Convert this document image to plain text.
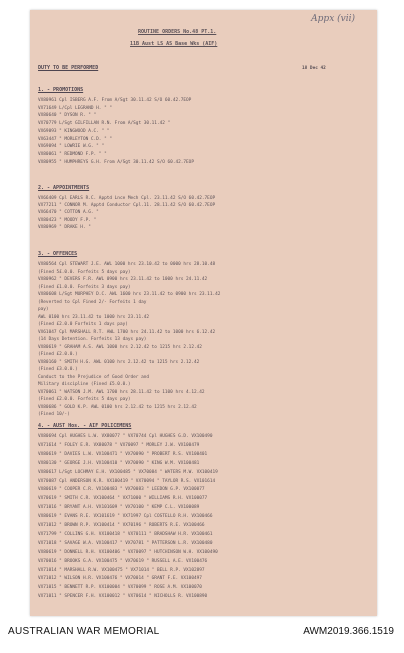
Appx (vii)
ROUTINE ORDERS No.48 PT.1.
11B Aust LS AS Base Wks (AIF)
DUTY TO BE PERFORMED	18 Dec 42
1. - PROMOTIONS
VX80961 Cpl ISBERG A.F. From A/Sgt 30.11.42 S/O 60.42.7EOP
VX71649 L/Cpl LEGRAND H. " "
VX80640 " DYSON R. " "
VX70779 L/Sgt GILFILLAN R.N. From A/Sgt 30.11.42 "
VX69093 " KINGWOOD A.C. " "
VX63447 " MORLEYTON C.D. " "
VX69094 " LOWRIE W.G. " "
VX80061 " REDMOND F.P. " "
VX80955 " HUMPHREYS G.H. From A/Sgt 30.11.42 S/O 60.42.7EOP
2. - APPOINTMENTS
VX66409 Cpl EARLS R.C. Apptd Lnce Mech Cpl. 23.11.42 S/O 60.42.7EOP
VX77211 " CONNOR M. Apptd Conductor Cpl.11. 28.11.42 S/O 60.42.7EOP
VX66470 " COTTON A.G. "
VX80423 " MOODY F.P. "
VX80969 " DRAKE H. "
3. - OFFENCES
VX80564 Cpl STEWART J.E. AWL 1000 hrs 23.10.42 to 0000 hrs 28.10.48
(Fined 5£.0.0. Forfeits 5 days pay)
VX80962 " DEVERS F.R. AWL 0900 hrs 23.11.42 to 1000 hrs 24.11.42
(Fined £1.0.0. Forfeits 3 days pay)
VX80608 L/Sgt MURPHEY D.C. AWL 1600 hrs 23.11.42 to 0900 hrs 23.11.42
(Reverted to Cpl Fined 2/- Forfeits 1 day
pay)
AWL 0100 hrs 23.11.42 to 1000 hrs 23.11.42
(Fined £2.0.0 Forfeits 1 days pay)
VX61047 Cpl MARSHALL R.T. AWL 1700 hrs 24.11.42 to 1000 hrs 6.12.42
(14 Days Detention. Forfeits 13 days pay)
VX80619 " GRAHAM A.S. AWL 1000 hrs 2.12.42 to 1215 hrs 2.12.42
(Fined £2.0.0.)
VX80160 " SMITH H.G. AWL 0100 hrs 2.12.42 to 1215 hrs 2.12.42
(Fined £3.0.0.)
Conduct to the Prejudice of Good Order and
Military discipline (Fined £5.0.0.)
VX70061 " WATSON J.M. AWL 1700 hrs 28.11.42 to 1100 hrs 4.12.42
(Fined £2.0.0. Forfeits 5 days pay)
VX80686 " GOLD K.P. AWL 0100 hrs 2.12.42 to 1215 hrs 2.12.42
(Fined 10/-)
4. - AUST Hos. - AIF POLICEMENS
VX80694 Cpl HUGHES L.W. VX80077 " VX70744 Cpl HUGHES G.D. VX100490
VX71614 " FOLEY E.R. VX80078 " VX70097 " MORLEY J.W. VX100479
VX80619 " DAVIES L.W. VX100471 " VX70090 " PROBERT R.S. VX100401
VX80130 " GEORGE J.H. VX100410 " VX70090 " KING W.M. VX100481
VX80617 L/Sgt LOCHMAY E.H. VX100485 " VX70084 " WATERS M.W. VX100419
VX70087 Cpl ANDERSON K.R. VX100419 " VX70094 " TAYLOR R.S. VX101614
VX80619 " COOPER C.R. VX100483 " VX70083 " LEEDON G.P. VX100077
VX70619 " SMITH C.R. VX100464 " VX71000 " WILLIAMS R.H. VX100077
VX71016 " BRYANT A.H. VX101609 " VX70100 " KEMP C.L. VX100089
VX80619 " EVANS R.E. VX101619 " VX71997 Cpl COSTELLO R.H. VX100466
VX71012 " BROWN R.P. VX100414 " VX70196 " ROBERTS R.E. VX100466
VX71799 " COLLINS G.H. VX100418 " VX70111 " BRADSHAW H.R. VX100461
VX71018 " SAVAGE W.A. VX100417 " VX70781 " PATTERSON L.R. VX100480
VX80619 " DONNELL R.H. VX100406 " VX70097 " HUTCHINSON W.H. VX100490
VX70016 " BROOKS G.A. VX100475 " VX70619 " RUSSELL A.E. VX100476
VX71014 " MARSHALL R.W. VX100475 " VX71014 " BELL R.P. VX102897
VX71012 " WILSON H.R. VX100476 " VX70014 " GRANT F.E. VX100497
VX71015 " BENNETT R.P. VX100004 " VX70099 " ROSE A.M. VX100070
VX71011 " SPENCER F.H. VX100012 " VX70614 " NICHOLLS R. VX100890
AUSTRALIAN WAR MEMORIAL	AWM2019.366.1519
